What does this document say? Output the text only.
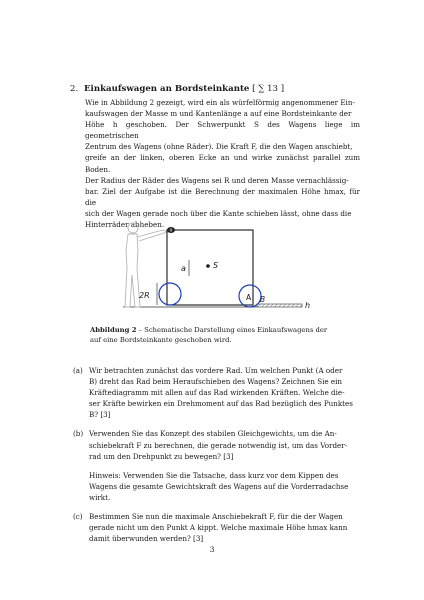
2. Einkaufswagen an Bordsteinkante [ ∑ 13 ]
Wie in Abbildung 2 gezeigt, wird ein als würfelförmig angenommener Ein-
kaufswagen der Masse m und Kantenlänge a auf eine Bordsteinkante der
Höhe h geschoben. Der Schwerpunkt S des Wagens liege im geometrischen
Zentrum des Wagens (ohne Räder). Die Kraft F, die den Wagen anschiebt,
greife an der linken, oberen Ecke an und wirke zunächst parallel zum Boden.
Der Radius der Räder des Wagens sei R und deren Masse vernachlässig-
bar. Ziel der Aufgabe ist die Berechnung der maximalen Höhe hmax, für die
sich der Wagen gerade noch über die Kante schieben lässt, ohne dass die
Hinterräder abheben.
a	S
2R	A B
h
Abbildung 2 – Schematische Darstellung eines Einkaufswagens der
auf eine Bordsteinkante geschoben wird.
(a) Wir betrachten zunächst das vordere Rad. Um welchen Punkt (A oder
B) dreht das Rad beim Heraufschieben des Wagens? Zeichnen Sie ein
Kräftediagramm mit allen auf das Rad wirkenden Kräften. Welche die-
ser Kräfte bewirken ein Drehmoment auf das Rad bezüglich des Punktes
B? [3]
(b) Verwenden Sie das Konzept des stabilen Gleichgewichts, um die An-
schiebekraft F zu berechnen, die gerade notwendig ist, um das Vorder-
rad um den Drehpunkt zu bewegen? [3]

Hinweis: Verwenden Sie die Tatsache, dass kurz vor dem Kippen des
Wagens die gesamte Gewichtskraft des Wagens auf die Vorderradachse
wirkt.

(c) Bestimmen Sie nun die maximale Anschiebekraft F, für die der Wagen
gerade nicht um den Punkt A kippt. Welche maximale Höhe hmax kann
damit überwunden werden? [3]
3
